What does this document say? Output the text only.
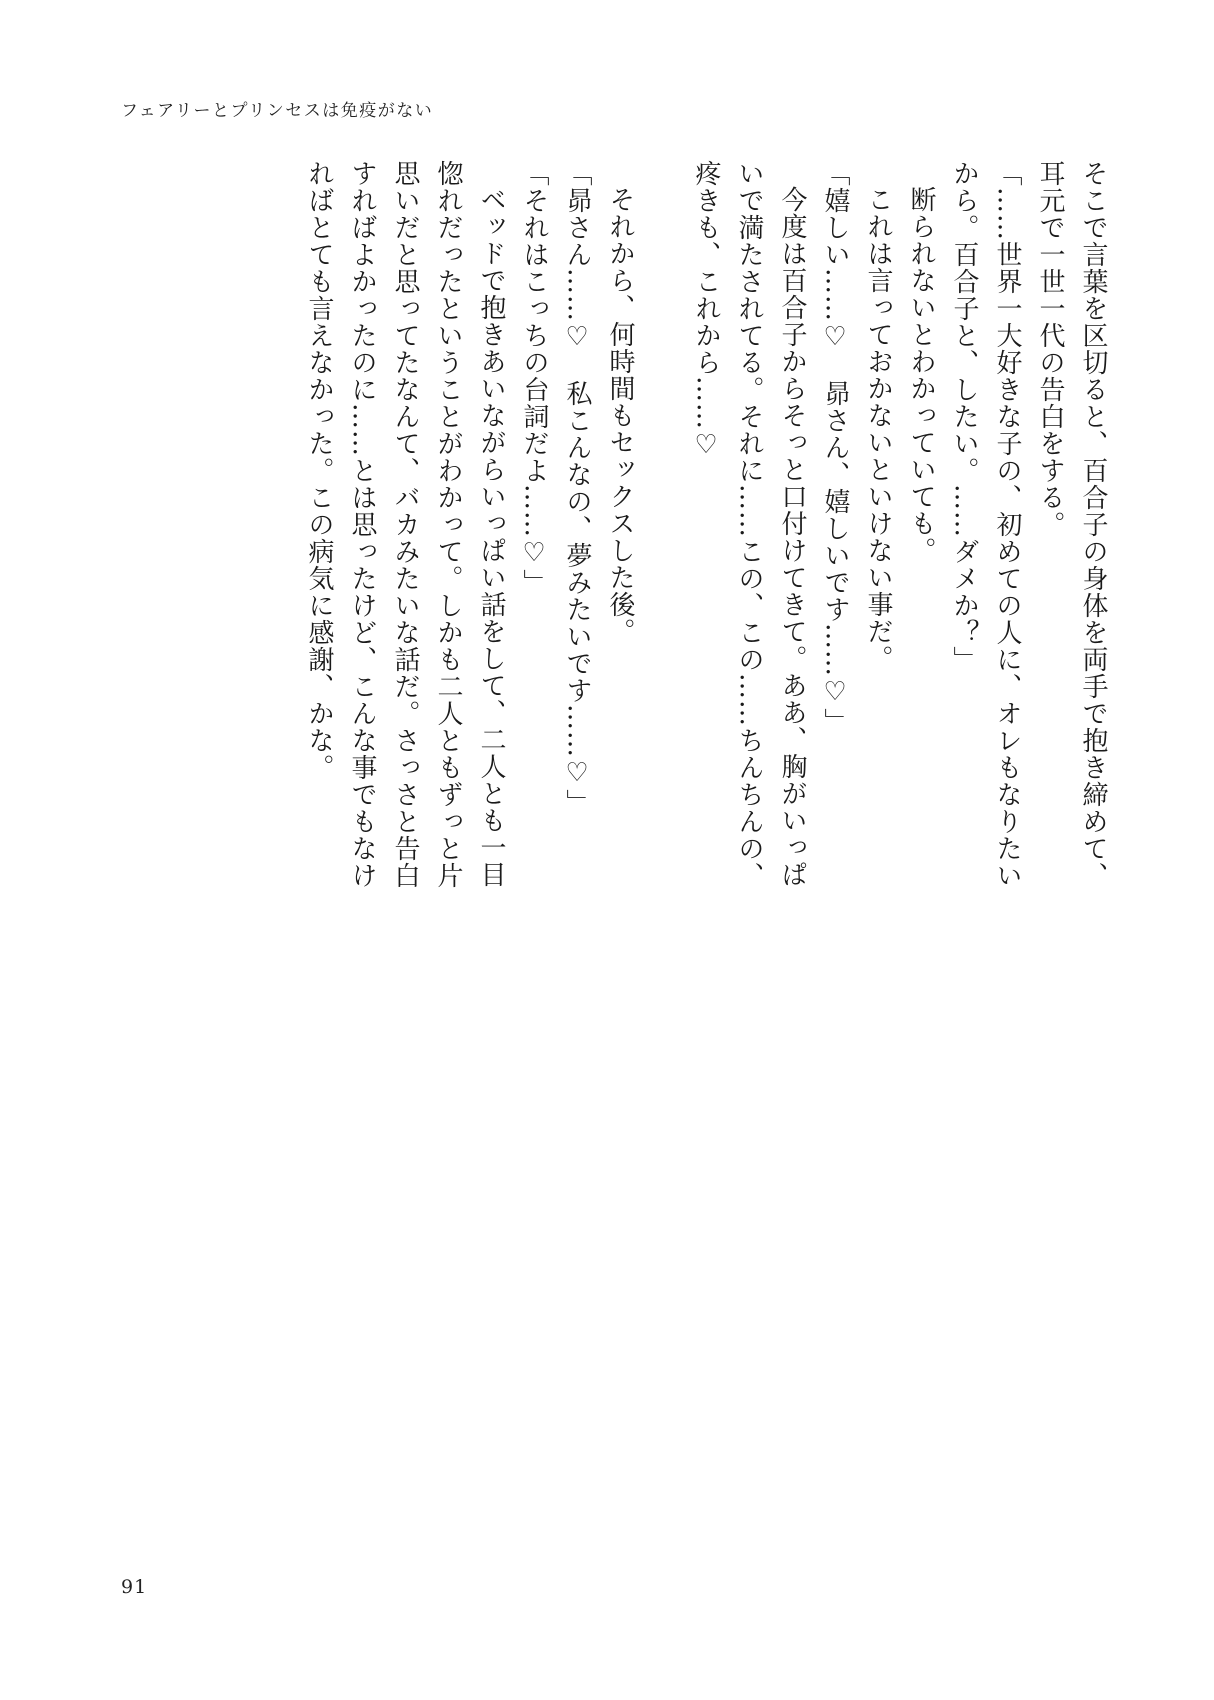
フェアリーとプリンセスは免疫がない
そこで言葉を区切ると、百合子の身体を両手で抱き締めて、
耳元で一世一代の告白をする。
「……世界一大好きな子の、初めての人に、オレもなりたい
から。百合子と、したい。……ダメか？」
断られないとわかっていても。
これは言っておかないといけない事だ。
「嬉しい……♡　昴さん、嬉しいです……♡」
今度は百合子からそっと口付けてきて。ああ、胸がいっぱ
いで満たされてる。それに……この、この……ちんちんの、
疼きも、これから……♡
それから、何時間もセックスした後。
「昴さん……♡　私こんなの、夢みたいです……♡」
「それはこっちの台詞だよ……♡」
ベッドで抱きあいながらいっぱい話をして、二人とも一目
惚れだったということがわかって。しかも二人ともずっと片
思いだと思ってたなんて、バカみたいな話だ。さっさと告白
すればよかったのに……とは思ったけど、こんな事でもなけ
ればとても言えなかった。この病気に感謝、かな。
91
